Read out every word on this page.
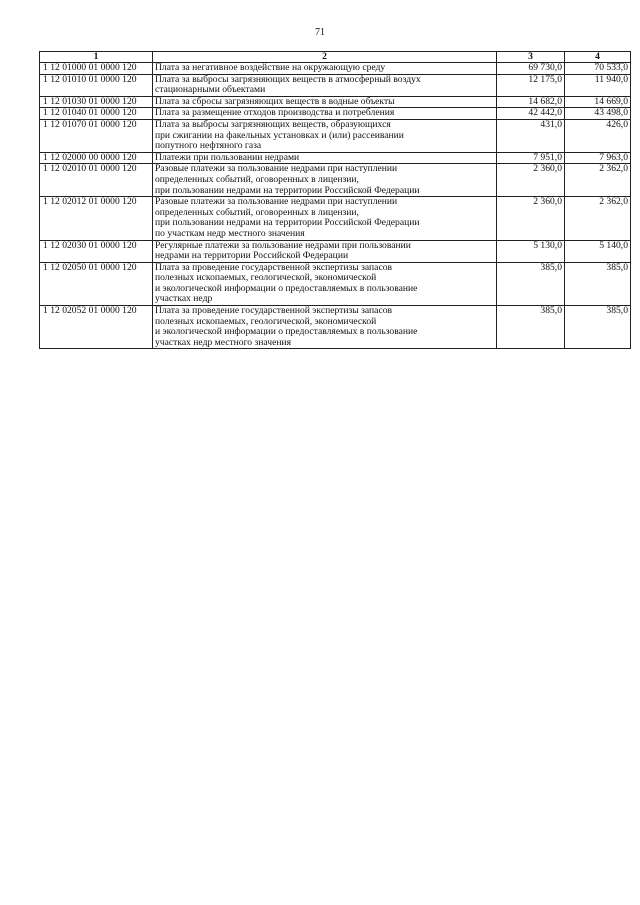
71
1	2	3	4
1 12 01000 01 0000 120	Плата за негативное воздействие на окружающую среду	69 730,0	70 533,0
1 12 01010 01 0000 120	Плата за выбросы загрязняющих веществ в атмосферный воздух
стационарными объектами	12 175,0	11 940,0
1 12 01030 01 0000 120	Плата за сбросы загрязняющих веществ в водные объекты	14 682,0	14 669,0
1 12 01040 01 0000 120	Плата за размещение отходов производства и потребления	42 442,0	43 498,0
1 12 01070 01 0000 120	Плата за выбросы загрязняющих веществ, образующихся
при сжигании на факельных установках и (или) рассеивании
попутного нефтяного газа	431,0	426,0
1 12 02000 00 0000 120	Платежи при пользовании недрами	7 951,0	7 963,0
1 12 02010 01 0000 120	Разовые платежи за пользование недрами при наступлении
определенных событий, оговоренных в лицензии,
при пользовании недрами на территории Российской Федерации	2 360,0	2 362,0
1 12 02012 01 0000 120	Разовые платежи за пользование недрами при наступлении
определенных событий, оговоренных в лицензии,
при пользовании недрами на территории Российской Федерации
по участкам недр местного значения	2 360,0	2 362,0
1 12 02030 01 0000 120	Регулярные платежи за пользование недрами при пользовании
недрами на территории Российской Федерации	5 130,0	5 140,0
1 12 02050 01 0000 120	Плата за проведение государственной экспертизы запасов
полезных ископаемых, геологической, экономической
и экологической информации о предоставляемых в пользование
участках недр	385,0	385,0
1 12 02052 01 0000 120	Плата за проведение государственной экспертизы запасов
полезных ископаемых, геологической, экономической
и экологической информации о предоставляемых в пользование
участках недр местного значения	385,0	385,0
